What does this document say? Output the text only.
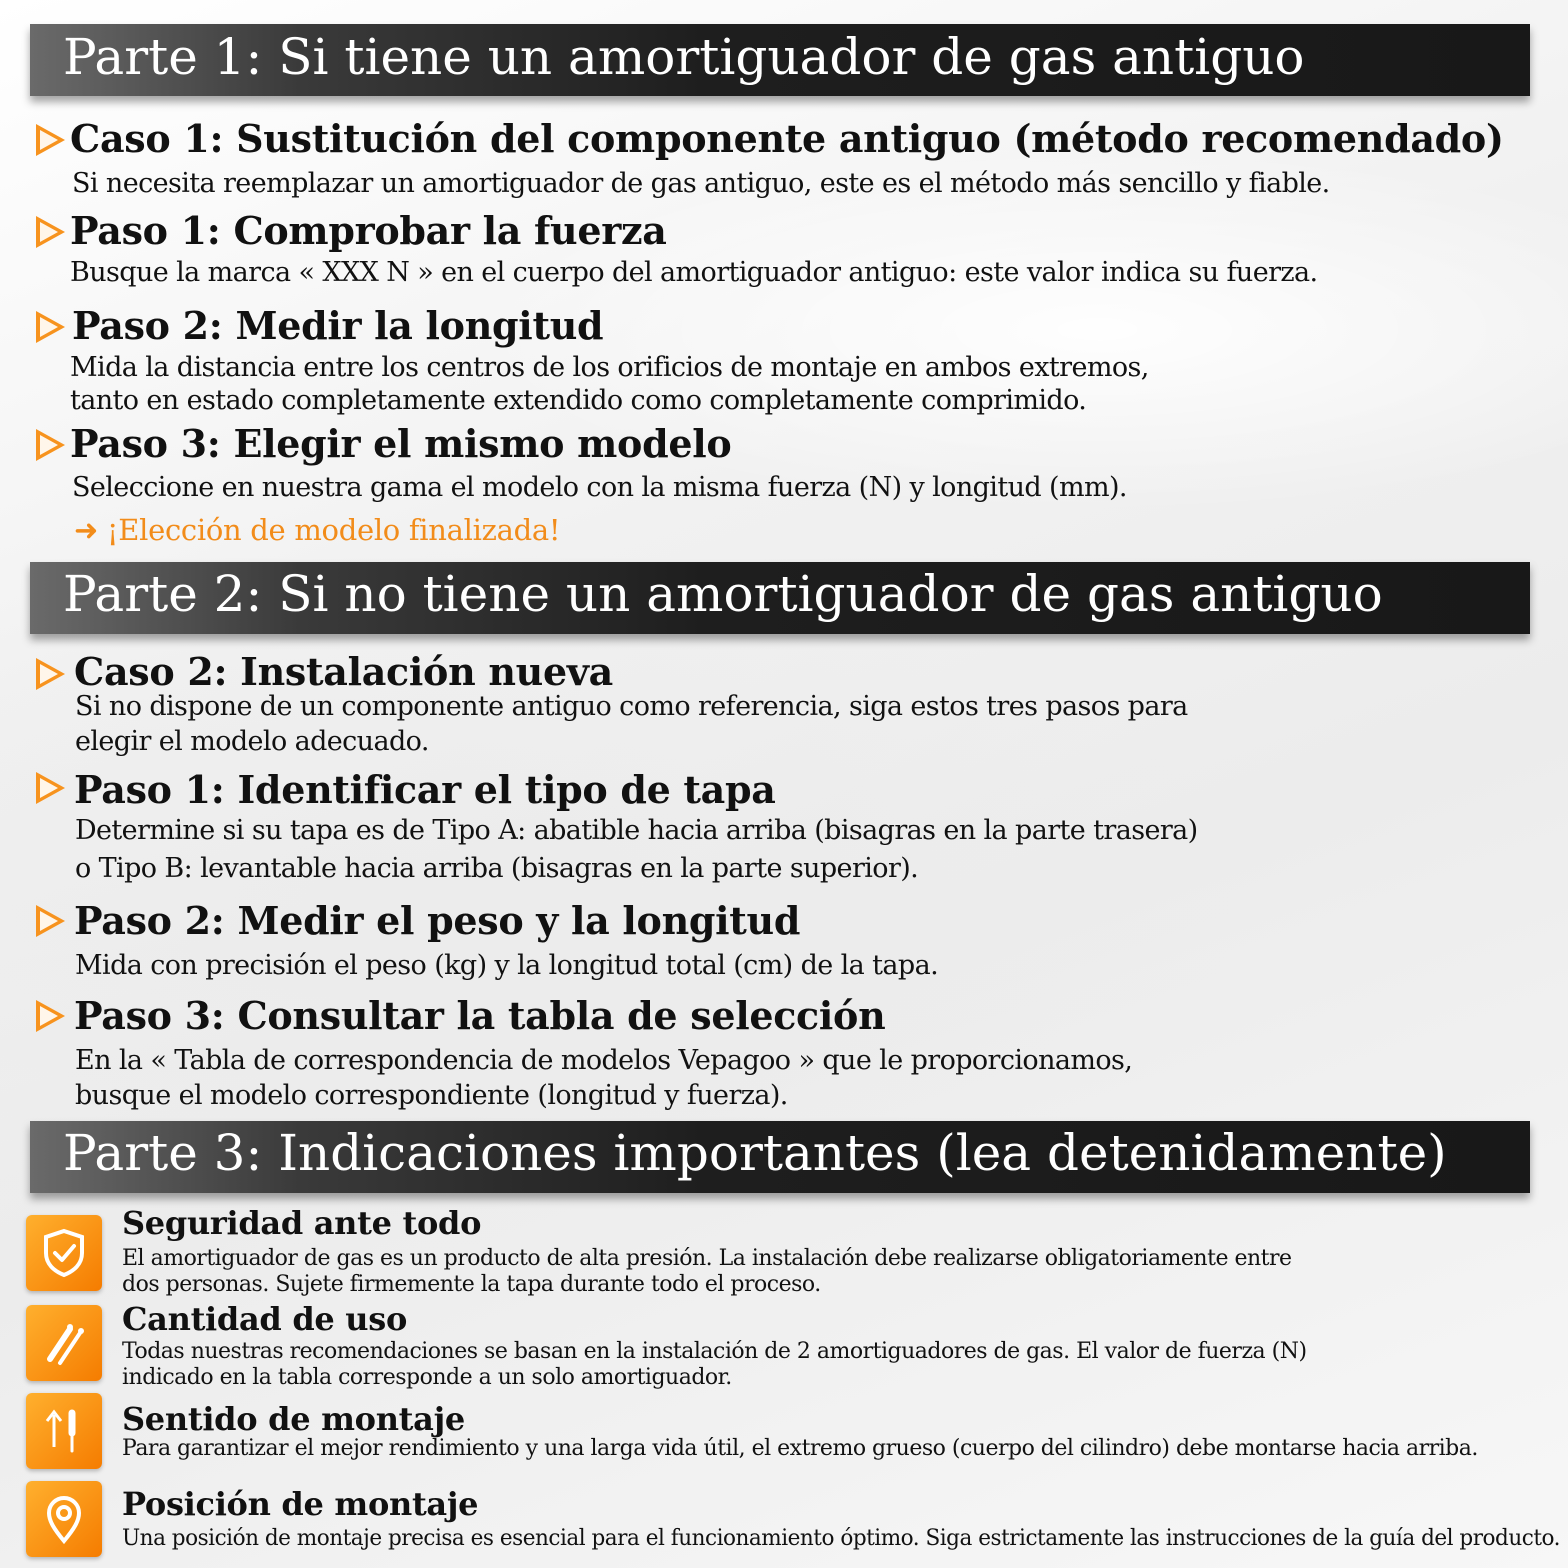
Parte 1: Si tiene un amortiguador de gas antiguo
Caso 1: Sustitución del componente antiguo (método recomendado)
Si necesita reemplazar un amortiguador de gas antiguo, este es el método más sencillo y fiable.
Paso 1: Comprobar la fuerza
Busque la marca « XXX N » en el cuerpo del amortiguador antiguo: este valor indica su fuerza.
Paso 2: Medir la longitud
Mida la distancia entre los centros de los orificios de montaje en ambos extremos,
tanto en estado completamente extendido como completamente comprimido.
Paso 3: Elegir el mismo modelo
Seleccione en nuestra gama el modelo con la misma fuerza (N) y longitud (mm).
➜ ¡Elección de modelo finalizada!
Parte 2: Si no tiene un amortiguador de gas antiguo
Caso 2: Instalación nueva
Si no dispone de un componente antiguo como referencia, siga estos tres pasos para
elegir el modelo adecuado.
Paso 1: Identificar el tipo de tapa
Determine si su tapa es de Tipo A: abatible hacia arriba (bisagras en la parte trasera)
o Tipo B: levantable hacia arriba (bisagras en la parte superior).
Paso 2: Medir el peso y la longitud
Mida con precisión el peso (kg) y la longitud total (cm) de la tapa.
Paso 3: Consultar la tabla de selección
En la « Tabla de correspondencia de modelos Vepagoo » que le proporcionamos,
busque el modelo correspondiente (longitud y fuerza).
Parte 3: Indicaciones importantes (lea detenidamente)
Seguridad ante todo
El amortiguador de gas es un producto de alta presión. La instalación debe realizarse obligatoriamente entre
dos personas. Sujete firmemente la tapa durante todo el proceso.
Cantidad de uso
Todas nuestras recomendaciones se basan en la instalación de 2 amortiguadores de gas. El valor de fuerza (N)
indicado en la tabla corresponde a un solo amortiguador.
Sentido de montaje
Para garantizar el mejor rendimiento y una larga vida útil, el extremo grueso (cuerpo del cilindro) debe montarse hacia arriba.
Posición de montaje
Una posición de montaje precisa es esencial para el funcionamiento óptimo. Siga estrictamente las instrucciones de la guía del producto.
